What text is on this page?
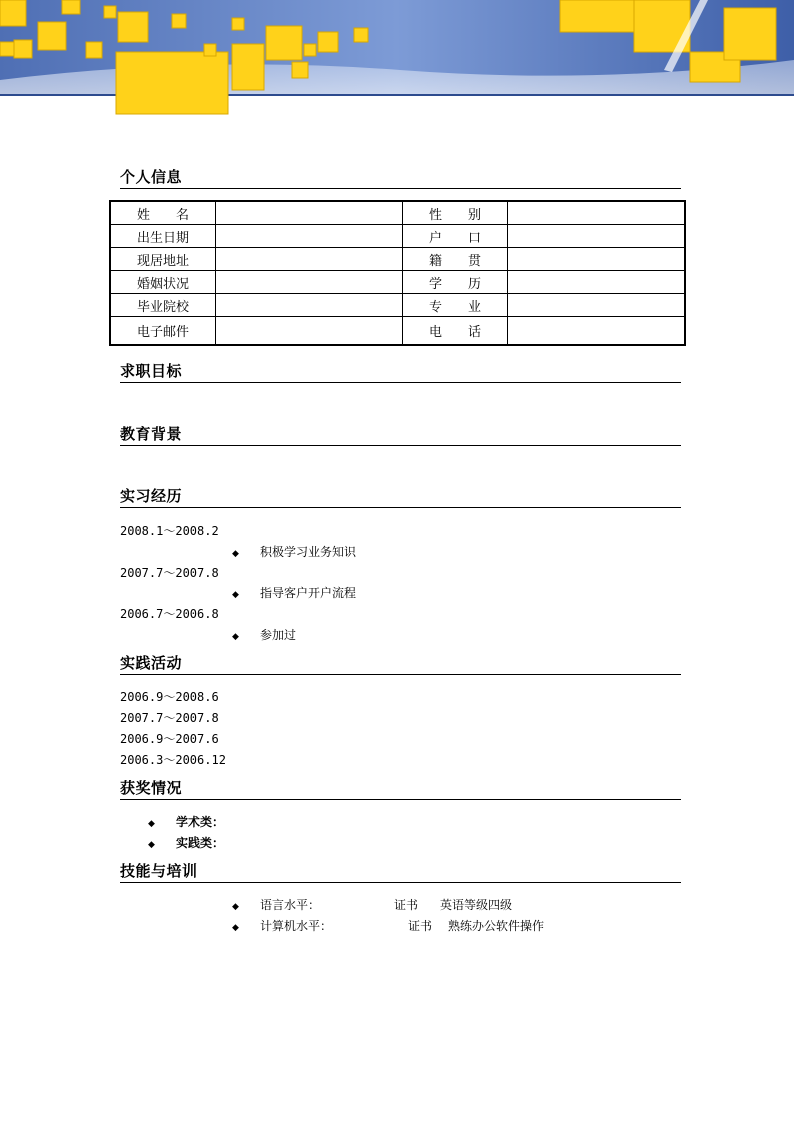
个人信息
姓　　名		性　　别	
出生日期		户　　口	
现居地址		籍　　贯	
婚姻状况		学　　历	
毕业院校		专　　业	
电子邮件		电　　话	
求职目标
教育背景
实习经历
2008.1～2008.2
◆ 积极学习业务知识
2007.7～2007.8
◆ 指导客户开户流程
2006.7～2006.8
◆ 参加过
实践活动
2006.9～2008.6
2007.7～2007.8
2006.9～2007.6
2006.3～2006.12
获奖情况
◆ 学术类：
◆ 实践类：
技能与培训
◆ 语言水平：	证书 英语等级四级
◆ 计算机水平：	证书 熟练办公软件操作
